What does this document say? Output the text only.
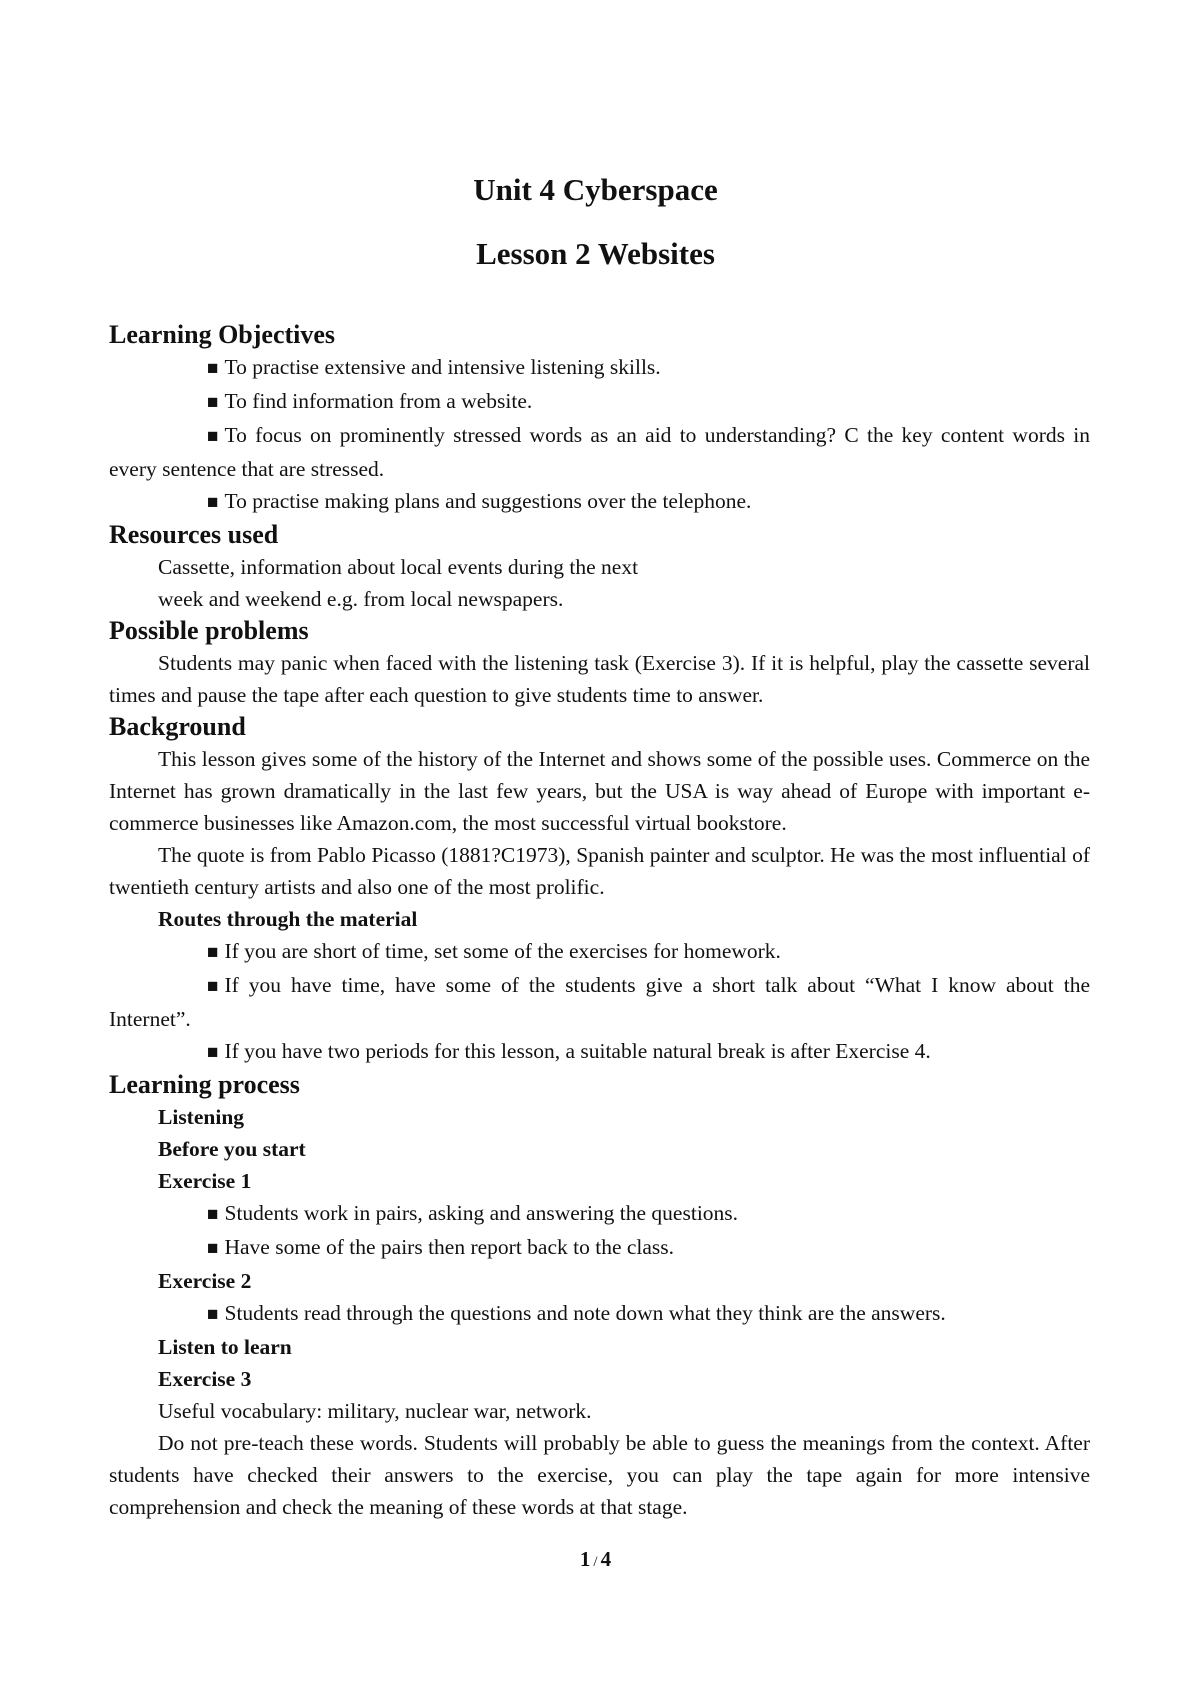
Unit 4 Cyberspace
Lesson 2 Websites
Learning Objectives

■ To practise extensive and intensive listening skills.

■ To find information from a website.

■ To focus on prominently stressed words as an aid to understanding? C the key content words in every sentence that are stressed.

■ To practise making plans and suggestions over the telephone.

Resources used

Cassette, information about local events during the next

week and weekend e.g. from local newspapers.

Possible problems

Students may panic when faced with the listening task (Exercise 3). If it is helpful, play the cassette several times and pause the tape after each question to give students time to answer.

Background

This lesson gives some of the history of the Internet and shows some of the possible uses. Commerce on the Internet has grown dramatically in the last few years, but the USA is way ahead of Europe with important e-commerce businesses like Amazon.com, the most successful virtual bookstore.

The quote is from Pablo Picasso (1881?C1973), Spanish painter and sculptor. He was the most influential of twentieth century artists and also one of the most prolific.

Routes through the material

■ If you are short of time, set some of the exercises for homework.

■ If you have time, have some of the students give a short talk about “What I know about the Internet”.

■ If you have two periods for this lesson, a suitable natural break is after Exercise 4.

Learning process
Listening
Before you start
Exercise 1

■ Students work in pairs, asking and answering the questions.

■ Have some of the pairs then report back to the class.

Exercise 2

■ Students read through the questions and note down what they think are the answers.

Listen to learn
Exercise 3

Useful vocabulary: military, nuclear war, network.

Do not pre-teach these words. Students will probably be able to guess the meanings from the context. After students have checked their answers to the exercise, you can play the tape again for more intensive comprehension and check the meaning of these words at that stage.

1 / 4
